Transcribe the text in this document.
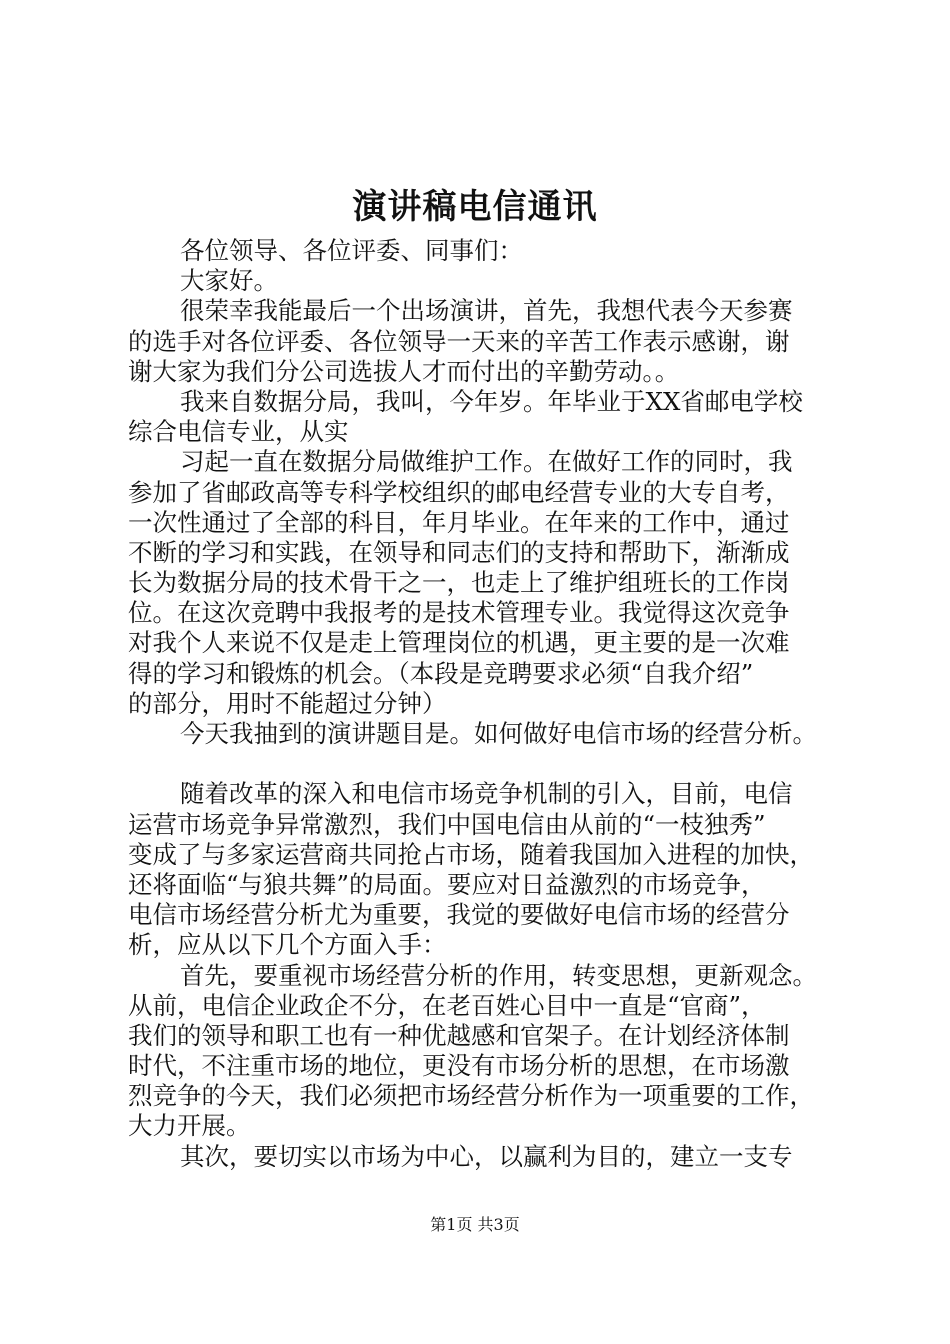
演讲稿电信通讯
各位领导、各位评委、同事们：
大家好。
很荣幸我能最后一个出场演讲，首先，我想代表今天参赛
的选手对各位评委、各位领导一天来的辛苦工作表示感谢，谢
谢大家为我们分公司选拔人才而付出的辛勤劳动。。
我来自数据分局，我叫，今年岁。年毕业于XX省邮电学校
综合电信专业，从实
习起一直在数据分局做维护工作。在做好工作的同时，我
参加了省邮政高等专科学校组织的邮电经营专业的大专自考，
一次性通过了全部的科目，年月毕业。在年来的工作中，通过
不断的学习和实践，在领导和同志们的支持和帮助下，渐渐成
长为数据分局的技术骨干之一，也走上了维护组班长的工作岗
位。在这次竞聘中我报考的是技术管理专业。我觉得这次竞争
对我个人来说不仅是走上管理岗位的机遇，更主要的是一次难
得的学习和锻炼的机会。（本段是竞聘要求必须“自我介绍”
的部分，用时不能超过分钟）
今天我抽到的演讲题目是。如何做好电信市场的经营分析。
随着改革的深入和电信市场竞争机制的引入，目前，电信
运营市场竞争异常激烈，我们中国电信由从前的“一枝独秀”
变成了与多家运营商共同抢占市场，随着我国加入进程的加快，
还将面临“与狼共舞”的局面。要应对日益激烈的市场竞争，
电信市场经营分析尤为重要，我觉的要做好电信市场的经营分
析，应从以下几个方面入手：
首先，要重视市场经营分析的作用，转变思想，更新观念。
从前，电信企业政企不分，在老百姓心目中一直是“官商”，
我们的领导和职工也有一种优越感和官架子。在计划经济体制
时代，不注重市场的地位，更没有市场分析的思想，在市场激
烈竞争的今天，我们必须把市场经营分析作为一项重要的工作，
大力开展。
其次，要切实以市场为中心，以赢利为目的，建立一支专
第1页 共3页
